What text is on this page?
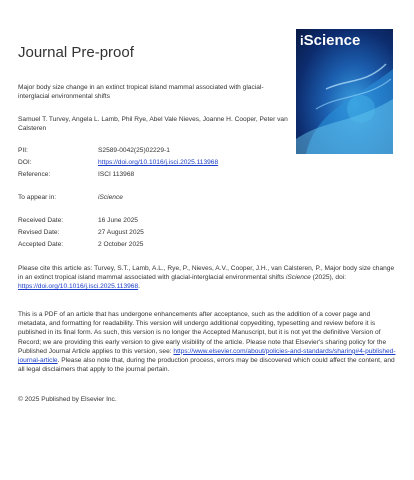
Journal Pre-proof
iScience
Major body size change in an extinct tropical island mammal associated with glacial-interglacial environmental shifts
Samuel T. Turvey, Angela L. Lamb, Phil Rye, Abel Vale Nieves, Joanne H. Cooper, Peter van Calsteren
PII:	S2589-0042(25)02229-1
DOI:	https://doi.org/10.1016/j.isci.2025.113968
Reference:	ISCI 113968
To appear in:	iScience
Received Date:	16 June 2025
Revised Date:	27 August 2025
Accepted Date:	2 October 2025
Please cite this article as: Turvey, S.T., Lamb, A.L., Rye, P., Nieves, A.V., Cooper, J.H., van Calsteren, P., Major body size change in an extinct tropical island mammal associated with glacial-interglacial environmental shifts iScience (2025), doi: https://doi.org/10.1016/j.isci.2025.113968.
This is a PDF of an article that has undergone enhancements after acceptance, such as the addition of a cover page and metadata, and formatting for readability. This version will undergo additional copyediting, typesetting and review before it is published in its final form. As such, this version is no longer the Accepted Manuscript, but it is not yet the definitive Version of Record; we are providing this early version to give early visibility of the article. Please note that Elsevier's sharing policy for the Published Journal Article applies to this version, see: https://www.elsevier.com/about/policies-and-standards/sharing#4-published-journal-article. Please also note that, during the production process, errors may be discovered which could affect the content, and all legal disclaimers that apply to the journal pertain.
© 2025 Published by Elsevier Inc.
